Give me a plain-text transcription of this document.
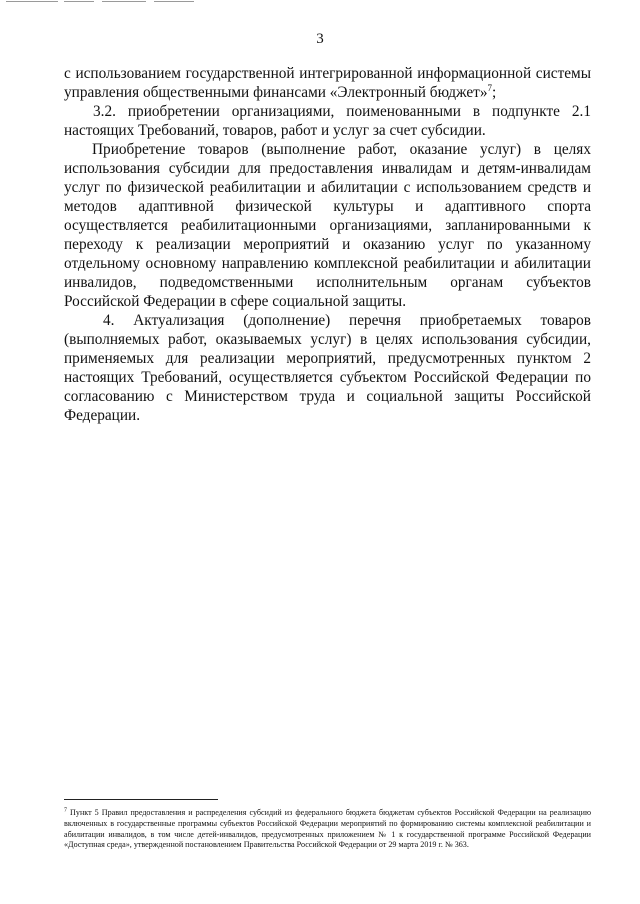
3

с использованием государственной интегрированной информационной системы управления общественными финансами «Электронный бюджет»$^7$;

3.2. приобретении организациями, поименованными в подпункте 2.1 настоящих Требований, товаров, работ и услуг за счет субсидии.

Приобретение товаров (выполнение работ, оказание услуг) в целях использования субсидии для предоставления инвалидам и детям-инвалидам услуг по физической реабилитации и абилитации с использованием средств и методов адаптивной физической культуры и адаптивного спорта осуществляется реабилитационными организациями, запланированными к переходу к реализации мероприятий и оказанию услуг по указанному отдельному основному направлению комплексной реабилитации и абилитации инвалидов, подведомственными исполнительным органам субъектов Российской Федерации в сфере социальной защиты.

4. Актуализация (дополнение) перечня приобретаемых товаров (выполняемых работ, оказываемых услуг) в целях использования субсидии, применяемых для реализации мероприятий, предусмотренных пунктом 2 настоящих Требований, осуществляется субъектом Российской Федерации по согласованию с Министерством труда и социальной защиты Российской Федерации.

$^7$ Пункт 5 Правил предоставления и распределения субсидий из федерального бюджета бюджетам субъектов Российской Федерации на реализацию включенных в государственные программы субъектов Российской Федерации мероприятий по формированию системы комплексной реабилитации и абилитации инвалидов, в том числе детей-инвалидов, предусмотренных приложением № 1 к государственной программе Российской Федерации «Доступная среда», утвержденной постановлением Правительства Российской Федерации от 29 марта 2019 г. № 363.
